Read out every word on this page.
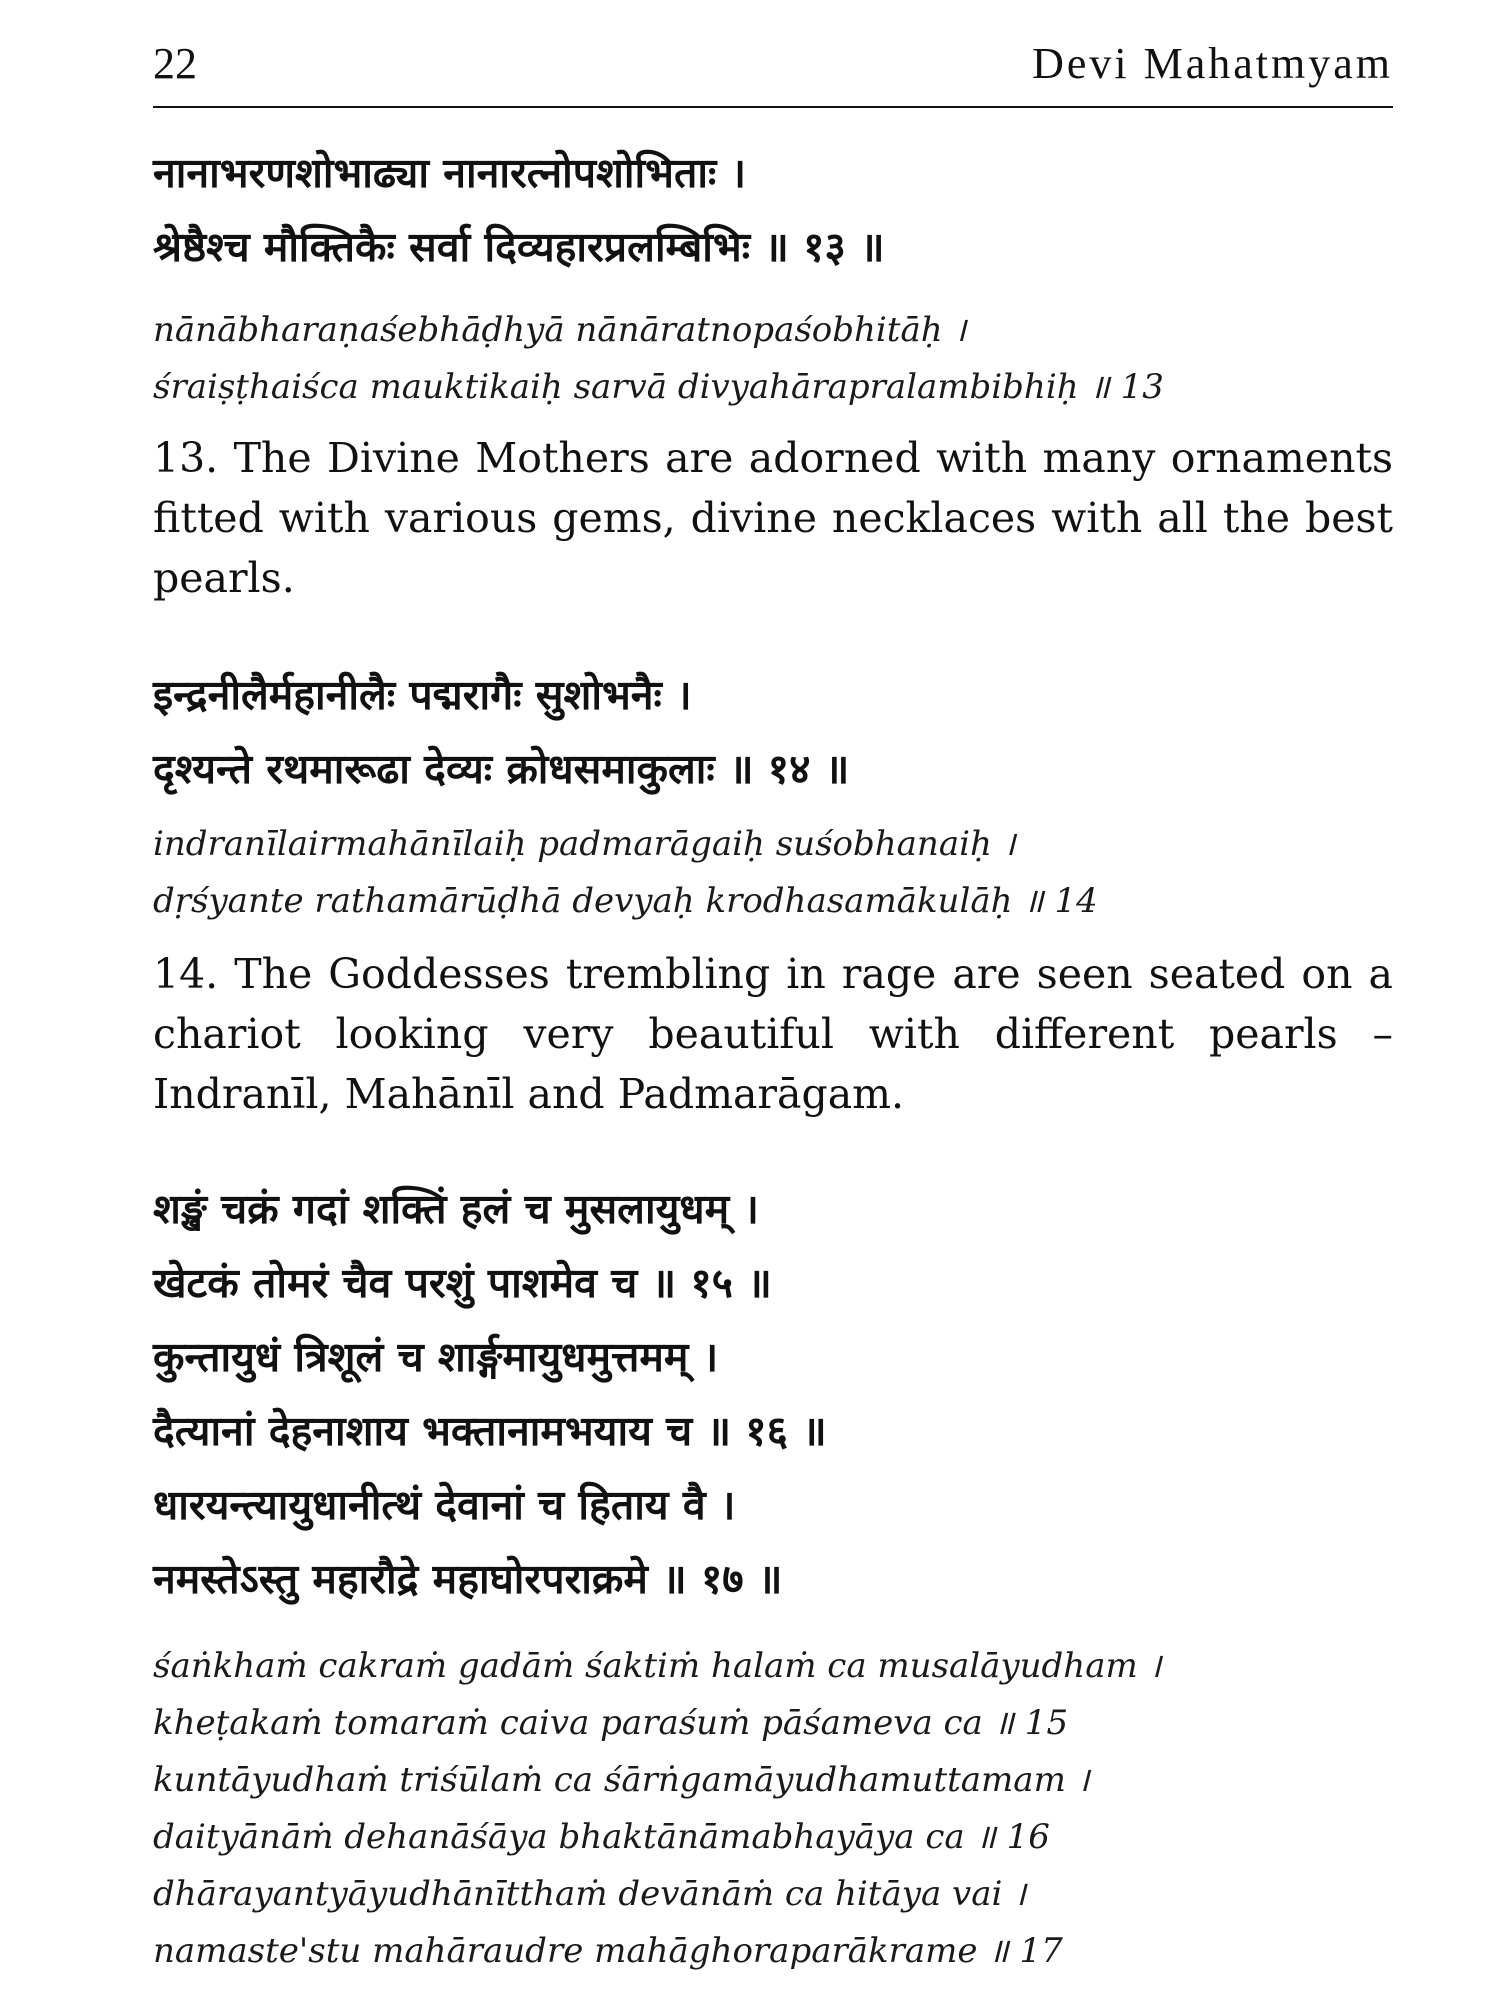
22	Devi Mahatmyam
नानाभरणशोभाढ्या नानारत्नोपशोभिताः ।
श्रेष्ठैश्च मौक्तिकैः सर्वा दिव्यहारप्रलम्बिभिः ॥ १३ ॥
nānābharaṇaśebhāḍhyā nānāratnopaśobhitāḥ ।
śraiṣṭhaiśca mauktikaiḥ sarvā divyahārapralambibhiḥ ॥ 13
13. The Divine Mothers are adorned with many ornaments fitted with various gems, divine necklaces with all the best pearls.
इन्द्रनीलैर्महानीलैः पद्मरागैः सुशोभनैः ।
दृश्यन्ते रथमारूढा देव्यः क्रोधसमाकुलाः ॥ १४ ॥
indranīlairmahānīlaiḥ padmarāgaiḥ suśobhanaiḥ ।
dṛśyante rathamārūḍhā devyaḥ krodhasamākulāḥ ॥ 14
14. The Goddesses trembling in rage are seen seated on a chariot looking very beautiful with different pearls – Indranīl, Mahānīl and Padmarāgam.
शङ्खं चक्रं गदां शक्तिं हलं च मुसलायुधम् ।
खेटकं तोमरं चैव परशुं पाशमेव च ॥ १५ ॥
कुन्तायुधं त्रिशूलं च शार्ङ्गमायुधमुत्तमम् ।
दैत्यानां देहनाशाय भक्तानामभयाय च ॥ १६ ॥
धारयन्त्यायुधानीत्थं देवानां च हिताय वै ।
नमस्तेऽस्तु महारौद्रे महाघोरपराक्रमे ॥ १७ ॥
śaṅkhaṁ cakraṁ gadāṁ śaktiṁ halaṁ ca musalāyudham ।
kheṭakaṁ tomaraṁ caiva paraśuṁ pāśameva ca ॥ 15
kuntāyudhaṁ triśūlaṁ ca śārṅgamāyudhamuttamam ।
daityānāṁ dehanāśāya bhaktānāmabhayāya ca ॥ 16
dhārayantyāyudhānītthaṁ devānāṁ ca hitāya vai ।
namaste'stu mahāraudre mahāghoraparākrame ॥ 17
